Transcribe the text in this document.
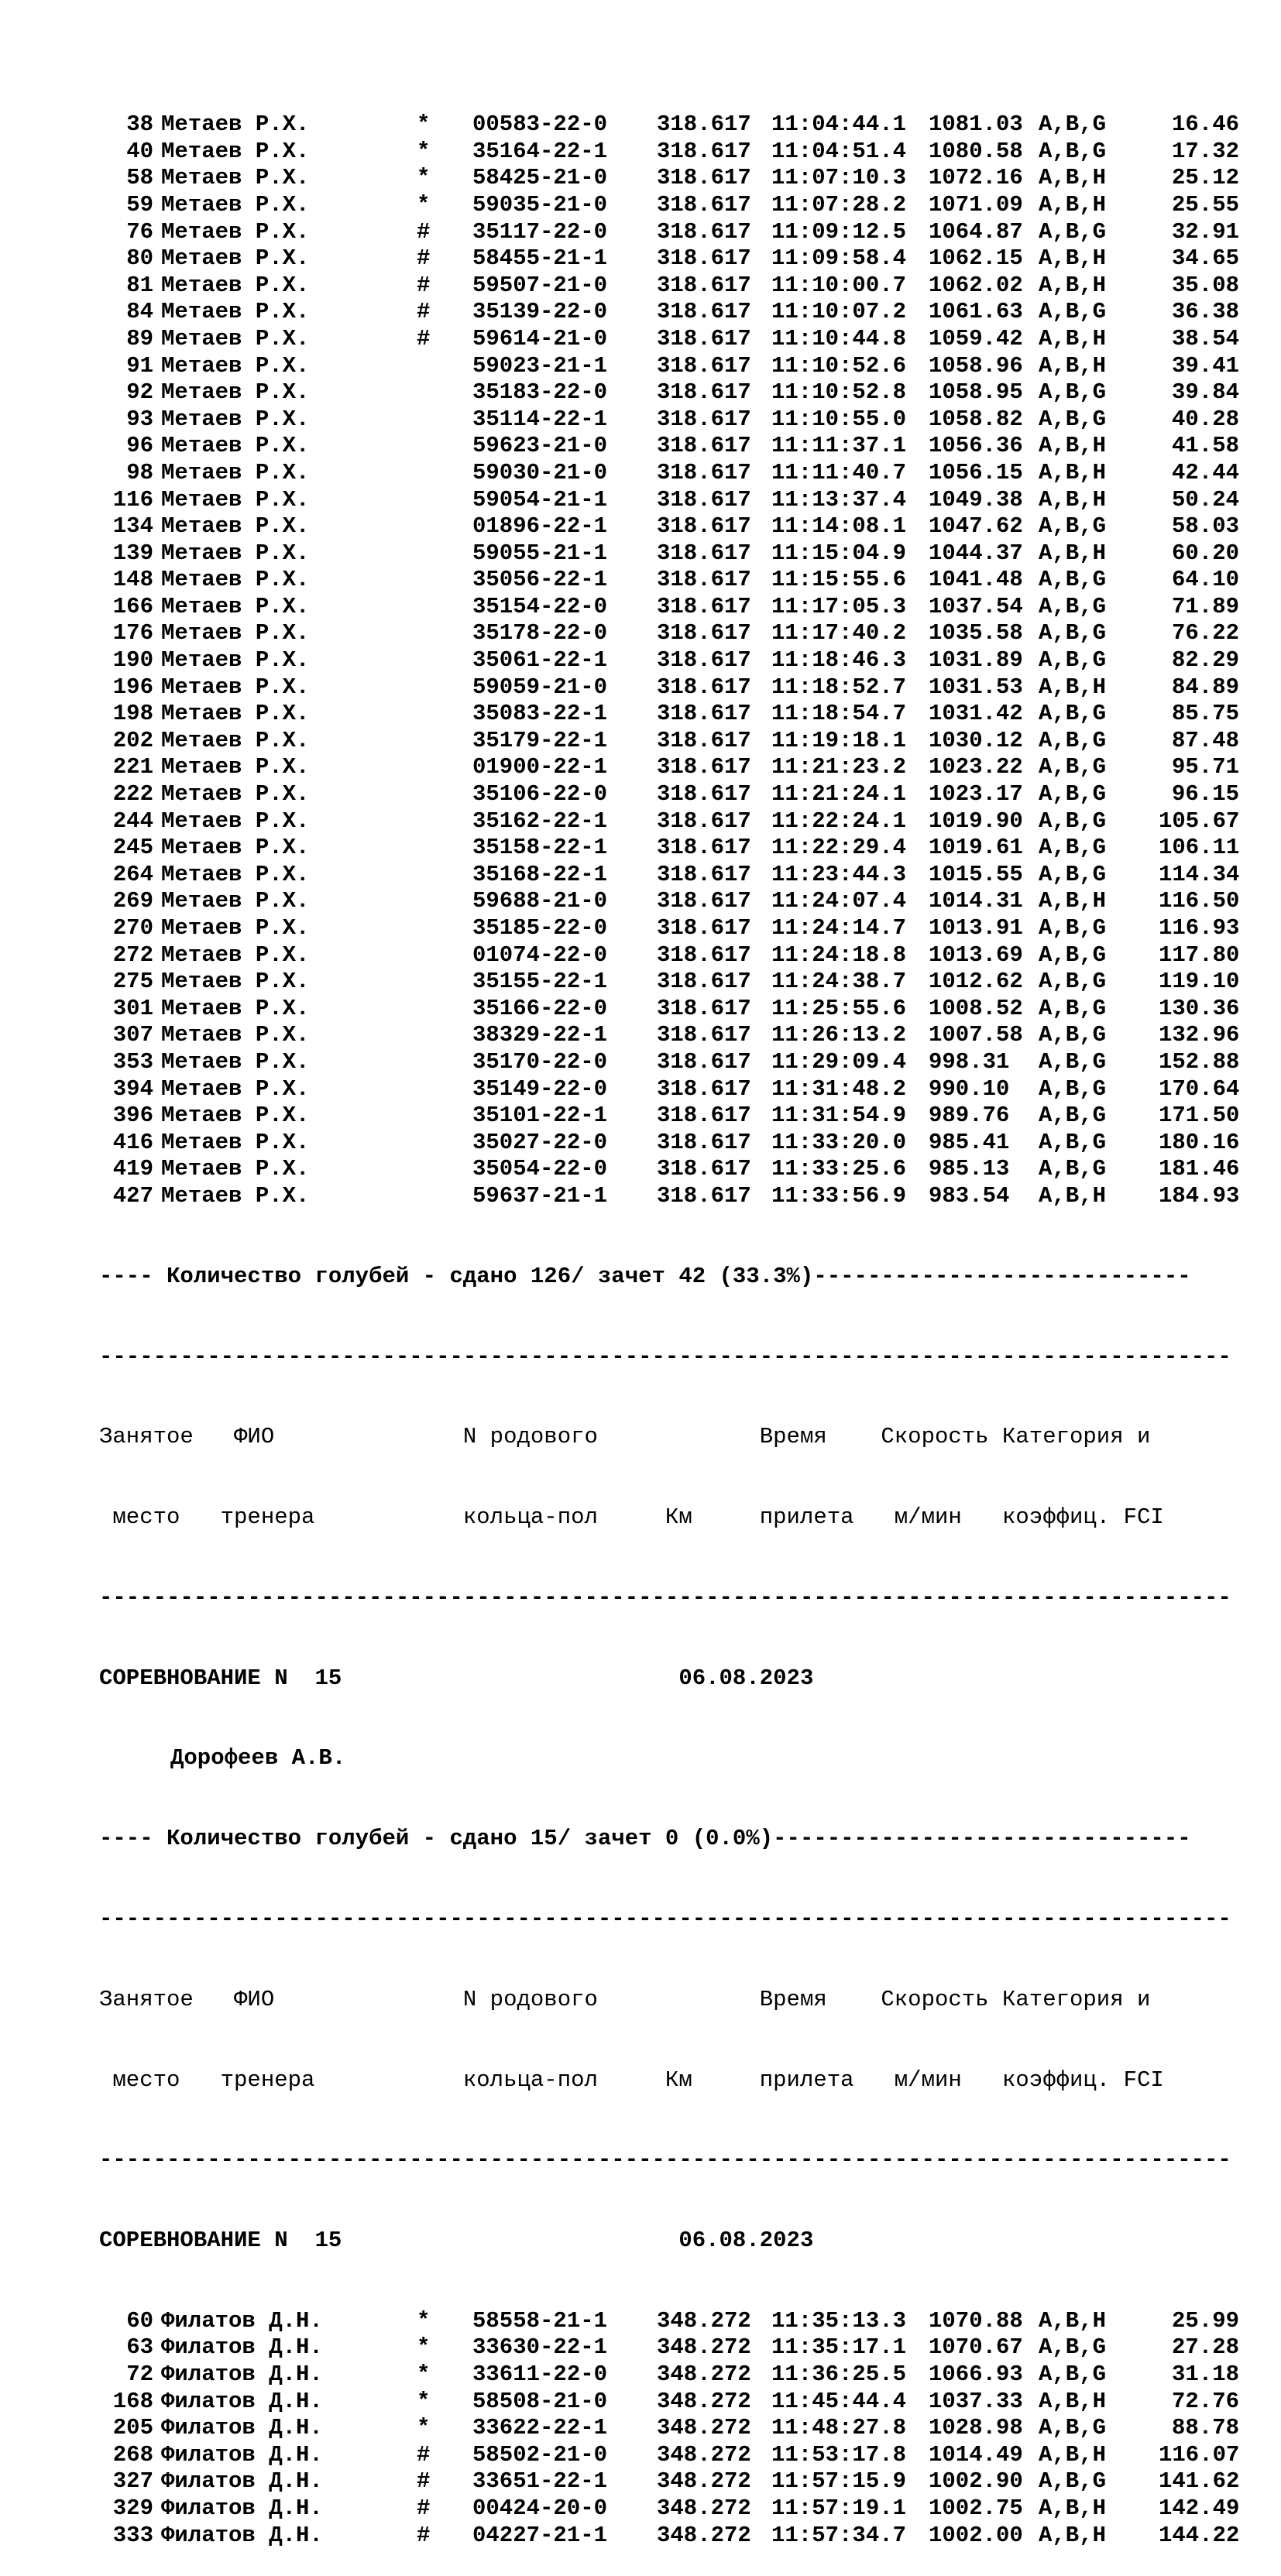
38 Метаев Р.Х.	* 00583-22-0 318.617 11:04:44.1 1081.03 A,B,G	16.46
40 Метаев Р.Х.	* 35164-22-1 318.617 11:04:51.4 1080.58 A,B,G	17.32
58 Метаев Р.Х.	* 58425-21-0 318.617 11:07:10.3 1072.16 A,B,H	25.12
59 Метаев Р.Х.	* 59035-21-0 318.617 11:07:28.2 1071.09 A,B,H	25.55
76 Метаев Р.Х.	# 35117-22-0 318.617 11:09:12.5 1064.87 A,B,G	32.91
80 Метаев Р.Х.	# 58455-21-1 318.617 11:09:58.4 1062.15 A,B,H	34.65
81 Метаев Р.Х.	# 59507-21-0 318.617 11:10:00.7 1062.02 A,B,H	35.08
84 Метаев Р.Х.	# 35139-22-0 318.617 11:10:07.2 1061.63 A,B,G	36.38
89 Метаев Р.Х.	# 59614-21-0 318.617 11:10:44.8 1059.42 A,B,H	38.54
91 Метаев Р.Х.	59023-21-1 318.617 11:10:52.6 1058.96 A,B,H	39.41
92 Метаев Р.Х.	35183-22-0 318.617 11:10:52.8 1058.95 A,B,G	39.84
93 Метаев Р.Х.	35114-22-1 318.617 11:10:55.0 1058.82 A,B,G	40.28
96 Метаев Р.Х.	59623-21-0 318.617 11:11:37.1 1056.36 A,B,H	41.58
98 Метаев Р.Х.	59030-21-0 318.617 11:11:40.7 1056.15 A,B,H	42.44
116 Метаев Р.Х.	59054-21-1 318.617 11:13:37.4 1049.38 A,B,H	50.24
134 Метаев Р.Х.	01896-22-1 318.617 11:14:08.1 1047.62 A,B,G	58.03
139 Метаев Р.Х.	59055-21-1 318.617 11:15:04.9 1044.37 A,B,H	60.20
148 Метаев Р.Х.	35056-22-1 318.617 11:15:55.6 1041.48 A,B,G	64.10
166 Метаев Р.Х.	35154-22-0 318.617 11:17:05.3 1037.54 A,B,G	71.89
176 Метаев Р.Х.	35178-22-0 318.617 11:17:40.2 1035.58 A,B,G	76.22
190 Метаев Р.Х.	35061-22-1 318.617 11:18:46.3 1031.89 A,B,G	82.29
196 Метаев Р.Х.	59059-21-0 318.617 11:18:52.7 1031.53 A,B,H	84.89
198 Метаев Р.Х.	35083-22-1 318.617 11:18:54.7 1031.42 A,B,G	85.75
202 Метаев Р.Х.	35179-22-1 318.617 11:19:18.1 1030.12 A,B,G	87.48
221 Метаев Р.Х.	01900-22-1 318.617 11:21:23.2 1023.22 A,B,G	95.71
222 Метаев Р.Х.	35106-22-0 318.617 11:21:24.1 1023.17 A,B,G	96.15
244 Метаев Р.Х.	35162-22-1 318.617 11:22:24.1 1019.90 A,B,G 105.67
245 Метаев Р.Х.	35158-22-1 318.617 11:22:29.4 1019.61 A,B,G 106.11
264 Метаев Р.Х.	35168-22-1 318.617 11:23:44.3 1015.55 A,B,G 114.34
269 Метаев Р.Х.	59688-21-0 318.617 11:24:07.4 1014.31 A,B,H 116.50
270 Метаев Р.Х.	35185-22-0 318.617 11:24:14.7 1013.91 A,B,G 116.93
272 Метаев Р.Х.	01074-22-0 318.617 11:24:18.8 1013.69 A,B,G 117.80
275 Метаев Р.Х.	35155-22-1 318.617 11:24:38.7 1012.62 A,B,G 119.10
301 Метаев Р.Х.	35166-22-0 318.617 11:25:55.6 1008.52 A,B,G 130.36
307 Метаев Р.Х.	38329-22-1 318.617 11:26:13.2 1007.58 A,B,G 132.96
353 Метаев Р.Х.	35170-22-0 318.617 11:29:09.4 998.31 A,B,G 152.88
394 Метаев Р.Х.	35149-22-0 318.617 11:31:48.2 990.10 A,B,G 170.64
396 Метаев Р.Х.	35101-22-1 318.617 11:31:54.9 989.76 A,B,G 171.50
416 Метаев Р.Х.	35027-22-0 318.617 11:33:20.0 985.41 A,B,G 180.16
419 Метаев Р.Х.	35054-22-0 318.617 11:33:25.6 985.13 A,B,G 181.46
427 Метаев Р.Х.	59637-21-1 318.617 11:33:56.9 983.54 A,B,H 184.93

---- Количество голубей - сдано 126/ зачет 42 (33.3%)----------------------------

------------------------------------------------------------------------------------

Занятое   ФИО              N родового            Время    Скорость Категория и

место   тренера           кольца-пол     Км     прилета   м/мин   коэффиц. FCI

------------------------------------------------------------------------------------

СОРЕВНОВАНИЕ N  15                         06.08.2023

Дорофеев А.В.

---- Количество голубей - сдано 15/ зачет 0 (0.0%)-------------------------------

------------------------------------------------------------------------------------

Занятое   ФИО              N родового            Время    Скорость Категория и

место   тренера           кольца-пол     Км     прилета   м/мин   коэффиц. FCI

------------------------------------------------------------------------------------

СОРЕВНОВАНИЕ N  15                         06.08.2023

60 Филатов Д.Н.	* 58558-21-1 348.272 11:35:13.3 1070.88 A,B,H	25.99
63 Филатов Д.Н.	* 33630-22-1 348.272 11:35:17.1 1070.67 A,B,G	27.28
72 Филатов Д.Н.	* 33611-22-0 348.272 11:36:25.5 1066.93 A,B,G	31.18
168 Филатов Д.Н.	* 58508-21-0 348.272 11:45:44.4 1037.33 A,B,H	72.76
205 Филатов Д.Н.	* 33622-22-1 348.272 11:48:27.8 1028.98 A,B,G	88.78
268 Филатов Д.Н.	# 58502-21-0 348.272 11:53:17.8 1014.49 A,B,H 116.07
327 Филатов Д.Н.	# 33651-22-1 348.272 11:57:15.9 1002.90 A,B,G 141.62
329 Филатов Д.Н.	# 00424-20-0 348.272 11:57:19.1 1002.75 A,B,H 142.49
333 Филатов Д.Н.	# 04227-21-1 348.272 11:57:34.7 1002.00 A,B,H 144.22
